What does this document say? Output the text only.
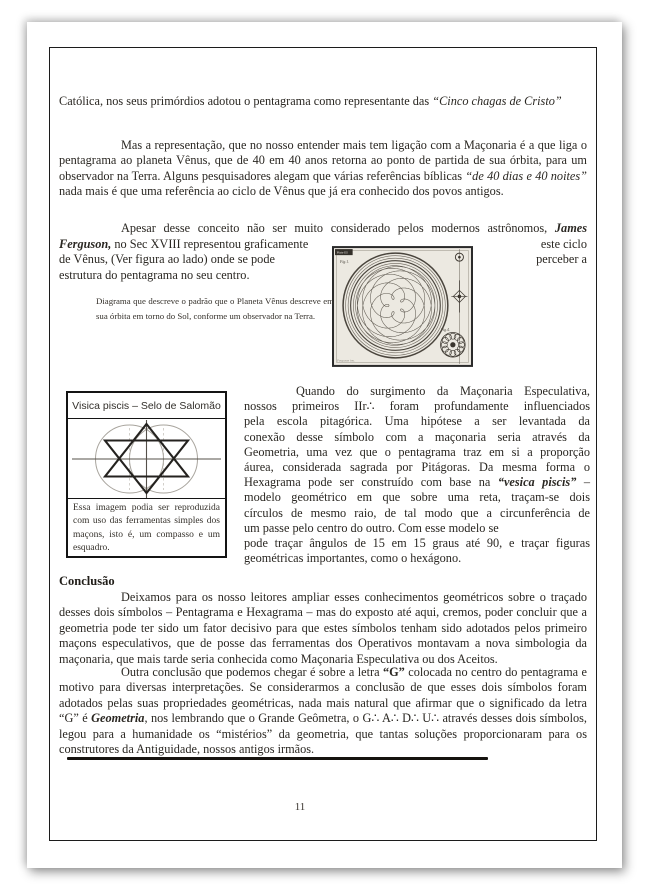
Católica, nos seus primórdios adotou o pentagrama como representante das “Cinco chagas de Cristo”

Mas a representação, que no nosso entender mais tem ligação com a Maçonaria é a que liga o pentagrama ao planeta Vênus, que de 40 em 40 anos retorna ao ponto de partida de sua órbita, para um observador na Terra. Alguns pesquisadores alegam que várias referências bíblicas “de 40 dias e 40 noites” nada mais é que uma referência ao ciclo de Vênus que já era conhecido dos povos antigos.

Apesar desse conceito não ser muito considerado pelos modernos astrônomos, James
Ferguson, no Sec XVIII representou graficamente	este ciclo
de Vênus, (Ver figura ao lado) onde se pode	perceber a
estrutura do pentagrama no seu centro.
Plate III
Fig.1.
Fig.4.
Ferguson inv.

Diagrama que descreve o padrão que o Planeta Vênus descreve em sua órbita em torno do Sol, conforme um observador na Terra.

Visica piscis – Selo de Salomão
Essa imagem podia ser reproduzida com uso das ferramentas simples dos maçons, isto é, um compasso e um esquadro.
Quando do surgimento da Maçonaria Especulativa,
nossos primeiros IIr∴ foram profundamente influenciados
pela escola pitagórica. Uma hipótese a ser levantada da
conexão desse símbolo com a maçonaria seria através da
Geometria, uma vez que o pentagrama traz em si a proporção
áurea, considerada sagrada por Pitágoras. Da mesma forma o
Hexagrama pode ser construído com base na “vesica piscis” –
modelo geométrico em que sobre uma reta, traçam-se dois
círculos de mesmo raio, de tal modo que a circunferência de
um passe pelo centro do outro. Com esse modelo se
pode traçar ângulos de 15 em 15 graus até 90, e traçar figuras
geométricas importantes, como o hexágono.
Conclusão

Deixamos para os nosso leitores ampliar esses conhecimentos geométricos sobre o traçado desses dois símbolos – Pentagrama e Hexagrama – mas do exposto até aqui, cremos, poder concluir que a geometria pode ter sido um fator decisivo para que estes símbolos tenham sido adotados pelos primeiro maçons especulativos, que de posse das ferramentas dos Operativos montavam a nova simbologia da maçonaria, que mais tarde seria conhecida como Maçonaria Especulativa ou dos Aceitos.

Outra conclusão que podemos chegar é sobre a letra “G” colocada no centro do pentagrama e motivo para diversas interpretações. Se considerarmos a conclusão de que esses dois símbolos foram adotados pelas suas propriedades geométricas, nada mais natural que afirmar que o significado da letra “G” é Geometria, nos lembrando que o Grande Geômetra, o G∴ A∴ D∴ U∴ através desses dois símbolos, legou para a humanidade os “mistérios” da geometria, que tantas soluções proporcionaram para os construtores da Antiguidade, nossos antigos irmãos.

11
